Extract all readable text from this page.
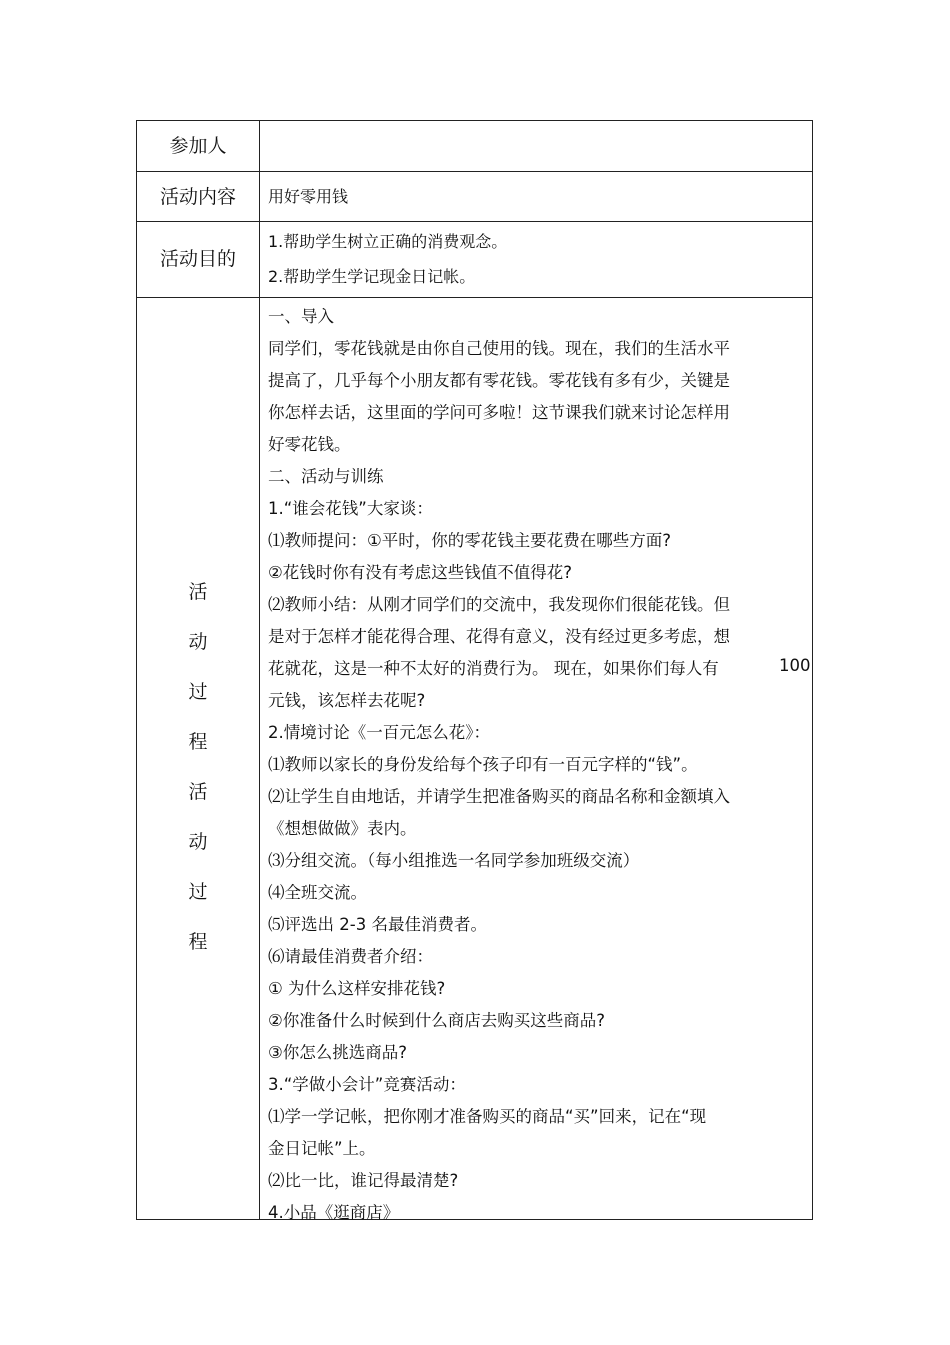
参加人
活动内容	用好零用钱
活动目的
1.帮助学生树立正确的消费观念。
2.帮助学生学记现金日记帐。
活
动
过
程
活
动
过
程
一、导入
同学们，零花钱就是由你自己使用的钱。现在，我们的生活水平
提高了，几乎每个小朋友都有零花钱。零花钱有多有少，关键是
你怎样去话，这里面的学问可多啦！这节课我们就来讨论怎样用
好零花钱。
二、活动与训练
1.“谁会花钱”大家谈：
⑴教师提问：①平时，你的零花钱主要花费在哪些方面?
②花钱时你有没有考虑这些钱值不值得花?
⑵教师小结：从刚才同学们的交流中，我发现你们很能花钱。但
是对于怎样才能花得合理、花得有意义，没有经过更多考虑，想
花就花，这是一种不太好的消费行为。 现在，如果你们每人有
元钱，该怎样去花呢?
2.情境讨论《一百元怎么花》：
⑴教师以家长的身份发给每个孩子印有一百元字样的“钱”。
⑵让学生自由地话，并请学生把准备购买的商品名称和金额填入
《想想做做》表内。
⑶分组交流。（每小组推选一名同学参加班级交流）
⑷全班交流。
⑸评选出 2-3 名最佳消费者。
⑹请最佳消费者介绍：
① 为什么这样安排花钱?
②你准备什么时候到什么商店去购买这些商品?
③你怎么挑选商品?
3.“学做小会计”竞赛活动：
⑴学一学记帐，把你刚才准备购买的商品“买”回来，记在“现
金日记帐”上。
⑵比一比，谁记得最清楚?
4.小品《逛商店》
100
